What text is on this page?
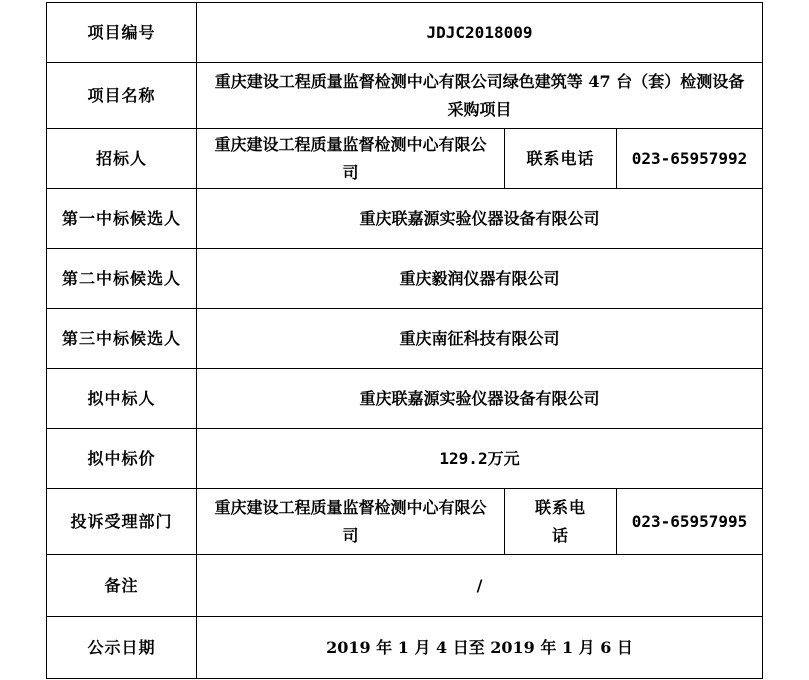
项目编号	JDJC2018009		
项目名称	重庆建设工程质量监督检测中心有限公司绿色建筑等 47 台（套）检测设备采购项目		
招标人	重庆建设工程质量监督检测中心有限公司	联系电话	023-65957992
第一中标候选人	重庆联嘉源实验仪器设备有限公司		
第二中标候选人	重庆毅润仪器有限公司		
第三中标候选人	重庆南征科技有限公司		
拟中标人	重庆联嘉源实验仪器设备有限公司		
拟中标价	129.2万元		
投诉受理部门	重庆建设工程质量监督检测中心有限公司	联系电话	023-65957995
备注	/		
公示日期	2019 年 1 月 4 日至 2019 年 1 月 6 日		
